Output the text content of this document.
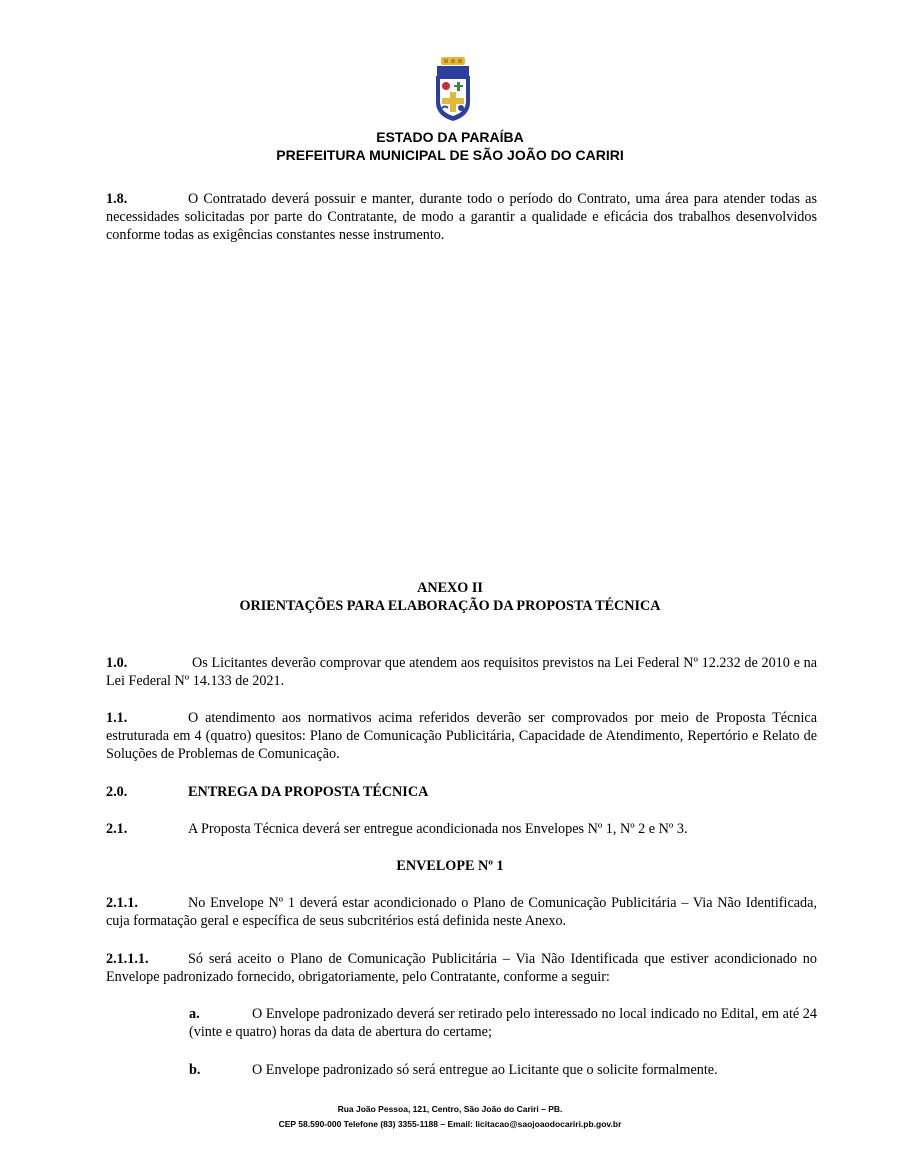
ESTADO DA PARAÍBA
PREFEITURA MUNICIPAL DE SÃO JOÃO DO CARIRI
1.8.	O Contratado deverá possuir e manter, durante todo o período do Contrato, uma área para atender todas as necessidades solicitadas por parte do Contratante, de modo a garantir a qualidade e eficácia dos trabalhos desenvolvidos conforme todas as exigências constantes nesse instrumento.
ANEXO II
ORIENTAÇÕES PARA ELABORAÇÃO DA PROPOSTA TÉCNICA
1.0.	Os Licitantes deverão comprovar que atendem aos requisitos previstos na Lei Federal Nº 12.232 de 2010 e na Lei Federal Nº 14.133 de 2021.
1.1.	O atendimento aos normativos acima referidos deverão ser comprovados por meio de Proposta Técnica estruturada em 4 (quatro) quesitos: Plano de Comunicação Publicitária, Capacidade de Atendimento, Repertório e Relato de Soluções de Problemas de Comunicação.
2.0.	ENTREGA DA PROPOSTA TÉCNICA
2.1.	A Proposta Técnica deverá ser entregue acondicionada nos Envelopes Nº 1, Nº 2 e Nº 3.
ENVELOPE Nº 1
2.1.1.	No Envelope Nº 1 deverá estar acondicionado o Plano de Comunicação Publicitária – Via Não Identificada, cuja formatação geral e específica de seus subcritérios está definida neste Anexo.
2.1.1.1.	Só será aceito o Plano de Comunicação Publicitária – Via Não Identificada que estiver acondicionado no Envelope padronizado fornecido, obrigatoriamente, pelo Contratante, conforme a seguir:
a.	O Envelope padronizado deverá ser retirado pelo interessado no local indicado no Edital, em até 24 (vinte e quatro) horas da data de abertura do certame;
b.	O Envelope padronizado só será entregue ao Licitante que o solicite formalmente.
Rua João Pessoa, 121, Centro, São João do Cariri – PB.
CEP 58.590-000 Telefone (83) 3355-1188 – Email: licitacao@saojoaodocariri.pb.gov.br
